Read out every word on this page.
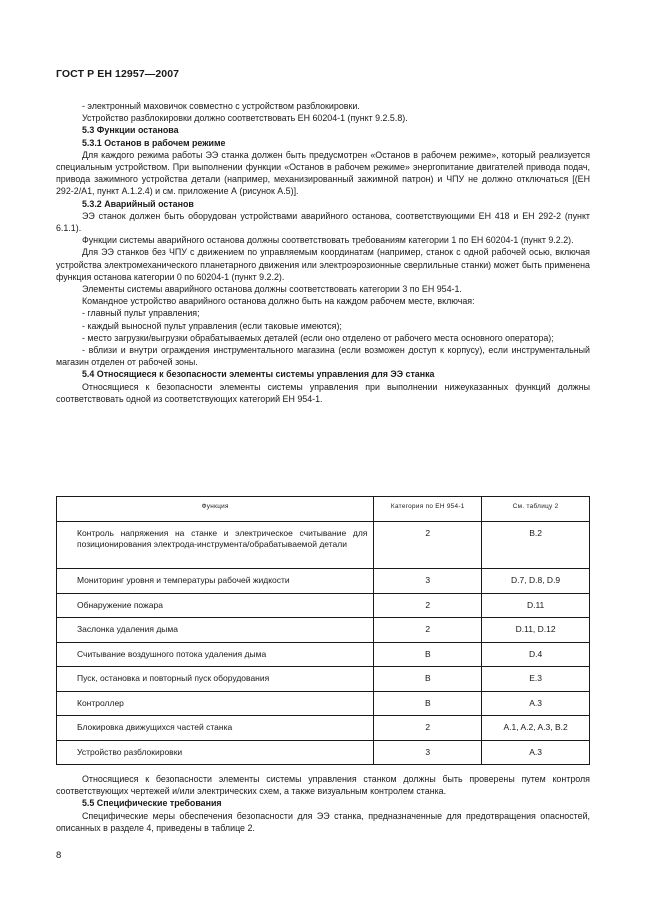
ГОСТ Р ЕН 12957—2007

- электронный маховичок совместно с устройством разблокировки.

Устройство разблокировки должно соответствовать ЕН 60204-1 (пункт 9.2.5.8).

5.3 Функции останова

5.3.1 Останов в рабочем режиме

Для каждого режима работы ЭЭ станка должен быть предусмотрен «Останов в рабочем режиме», который реализуется специальным устройством. При выполнении функции «Останов в рабочем режиме» энергопитание двигателей привода подач, привода зажимного устройства детали (например, механизированный зажимной патрон) и ЧПУ не должно отключаться [(ЕН 292-2/А1, пункт А.1.2.4) и см. приложение А (рисунок А.5)].

5.3.2 Аварийный останов

ЭЭ станок должен быть оборудован устройствами аварийного останова, соответствующими ЕН 418 и ЕН 292-2 (пункт 6.1.1).

Функции системы аварийного останова должны соответствовать требованиям категории 1 по ЕН 60204-1 (пункт 9.2.2).

Для ЭЭ станков без ЧПУ с движением по управляемым координатам (например, станок с одной рабочей осью, включая устройства электромеханического планетарного движения или электроэрозионные сверлильные станки) может быть применена функция останова категории 0 по 60204-1 (пункт 9.2.2).

Элементы системы аварийного останова должны соответствовать категории 3 по ЕН 954-1.

Командное устройство аварийного останова должно быть на каждом рабочем месте, включая:

- главный пульт управления;

- каждый выносной пульт управления (если таковые имеются);

- место загрузки/выгрузки обрабатываемых деталей (если оно отделено от рабочего места основного оператора);

- вблизи и внутри ограждения инструментального магазина (если возможен доступ к корпусу), если инструментальный магазин отделен от рабочей зоны.

5.4 Относящиеся к безопасности элементы системы управления для ЭЭ станка

Относящиеся к безопасности элементы системы управления при выполнении нижеуказанных функций должны соответствовать одной из соответствующих категорий ЕН 954-1.

Функция	Категория по ЕН 954-1	См. таблицу 2
Контроль напряжения на станке и электрическое считывание для позиционирования электрода-инструмента/обрабатываемой детали	2	B.2
Мониторинг уровня и температуры рабочей жидкости	3	D.7, D.8, D.9
Обнаружение пожара	2	D.11
Заслонка удаления дыма	2	D.11, D.12
Считывание воздушного потока удаления дыма	B	D.4
Пуск, остановка и повторный пуск оборудования	B	E.3
Контроллер	B	A.3
Блокировка движущихся частей станка	2	A.1, A.2, A.3, B.2
Устройство разблокировки	3	A.3

Относящиеся к безопасности элементы системы управления станком должны быть проверены путем контроля соответствующих чертежей и/или электрических схем, а также визуальным контролем станка.

5.5 Специфические требования

Специфические меры обеспечения безопасности для ЭЭ станка, предназначенные для предотвращения опасностей, описанных в разделе 4, приведены в таблице 2.

8
